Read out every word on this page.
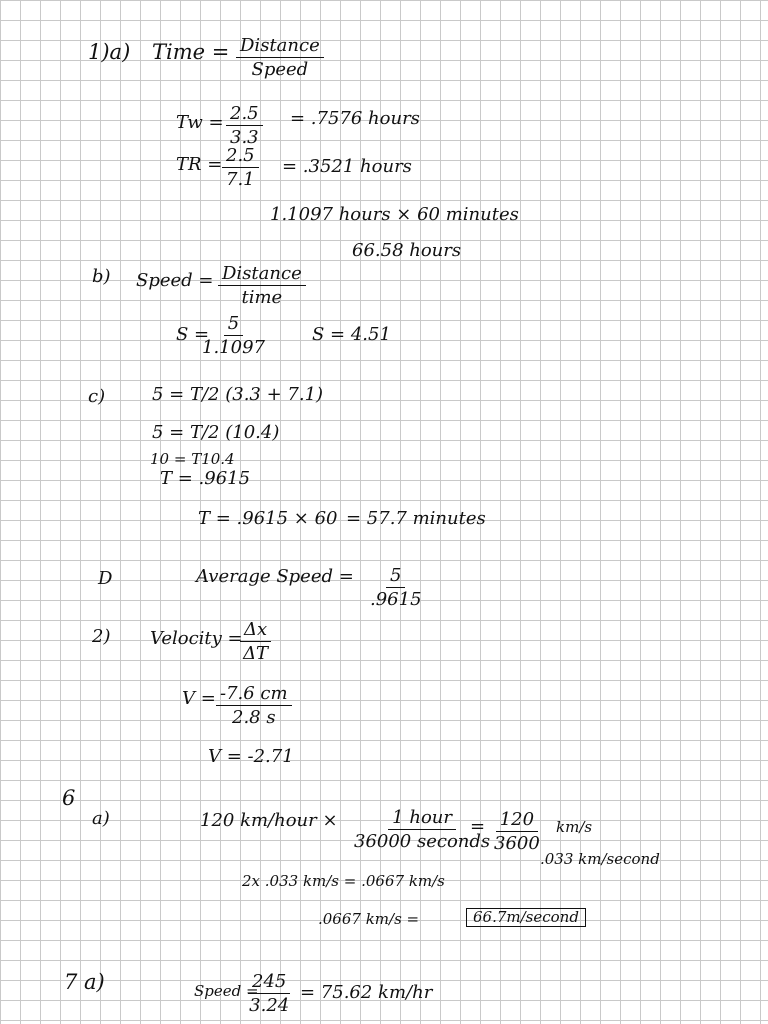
1)a) Time = Distance
Speed
$Tw = \frac{2.5}{3.3} = .7576$ hours
TR = $\frac{2.5}{7.1} = .3521$ hours
1.1097 hours × 60 minutes
66.58 hours
b) Speed = Distance
time
S =
$\frac{5}{1.1097}$	S = 4.51
c)	5 = T/2 (3.3 + 7.1)
5 = T/2 (10.4)
10 = T10.4
T = .9615
T = .9615 × 60 = 57.7 minutes
D	Average Speed = $\frac{5}{.9615}$
2) Velocity =
$\frac{\Delta x}{\Delta T}$
$V = \frac{-7.6 cm}{2.8 s}$
V = -2.71
6
a)	120 km/hour ×	1 hour
36000 seconds
= $\frac{120}{3600} km/s$
.033 km/second
2x .033 km/s = .0667 km/s
.0667 km/s =	66.7m/second
7 a)	Speed =
$\frac{245}{3.24} = 75.62$ km/hr
